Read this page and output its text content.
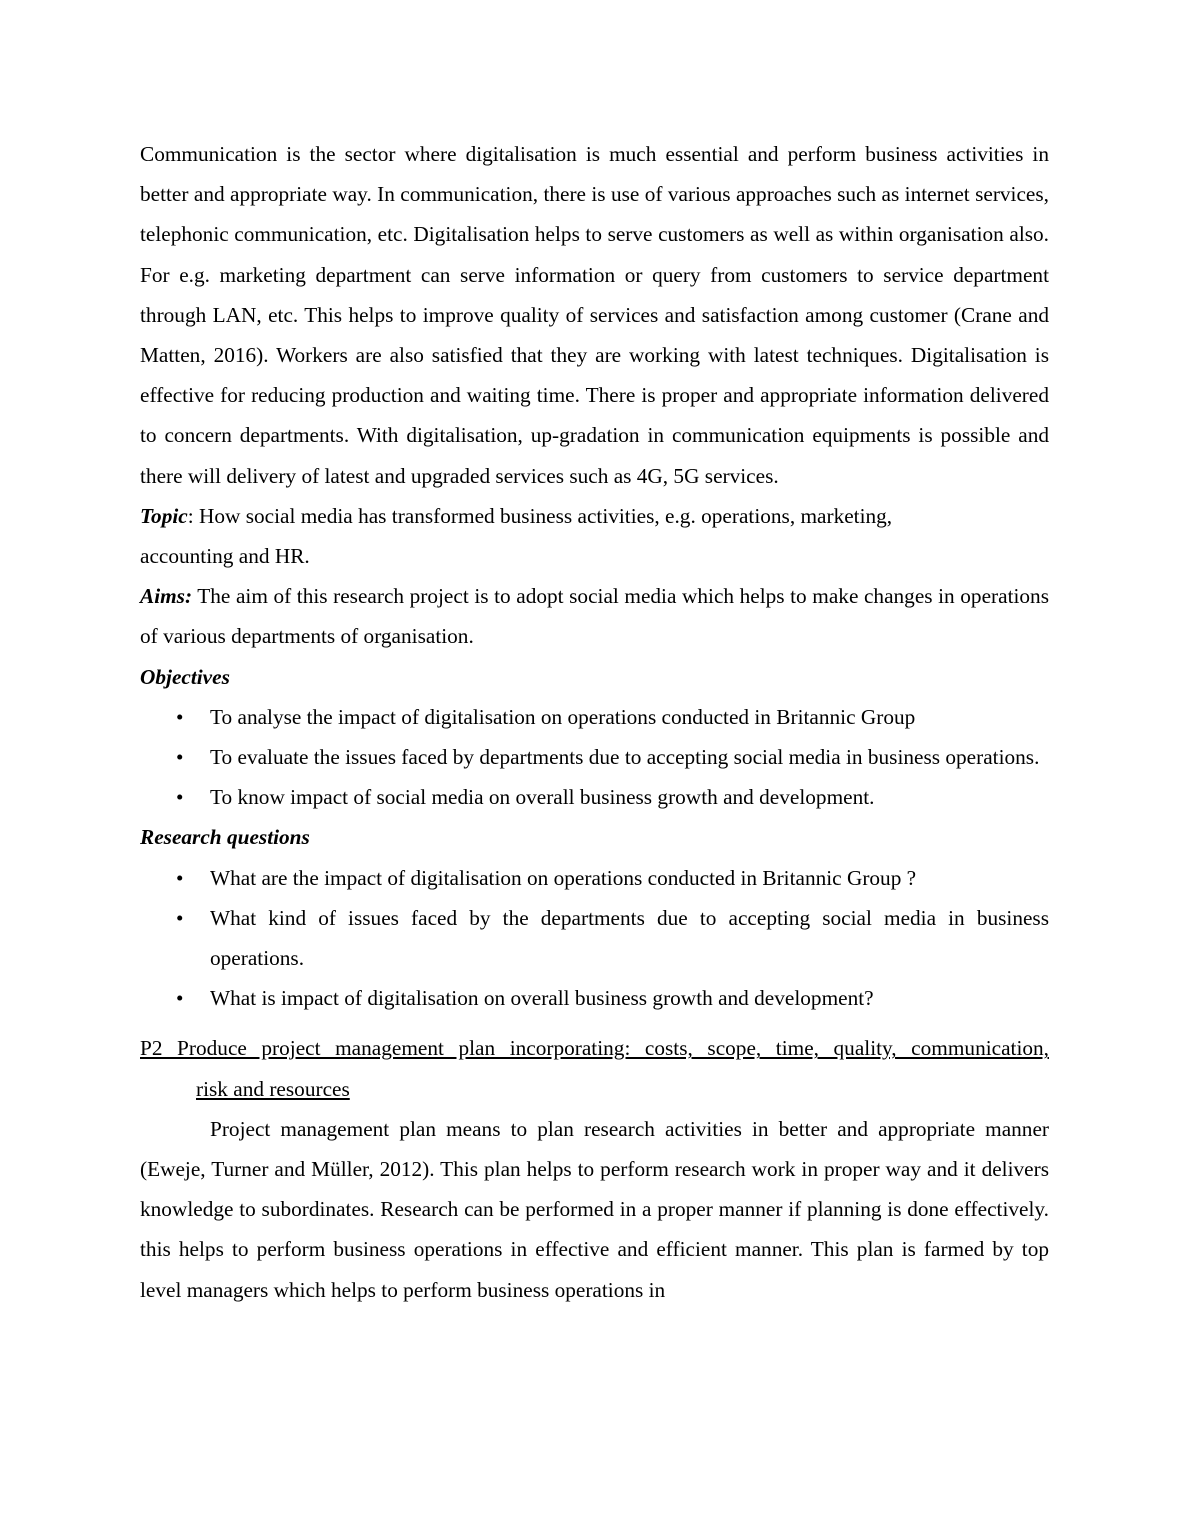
Communication is the sector where digitalisation is much essential and perform business activities in better and appropriate way. In communication, there is use of various approaches such as internet services, telephonic communication, etc. Digitalisation helps to serve customers as well as within organisation also. For e.g. marketing department can serve information or query from customers to service department through LAN, etc. This helps to improve quality of services and satisfaction among customer (Crane and Matten, 2016). Workers are also satisfied that they are working with latest techniques. Digitalisation is effective for reducing production and waiting time. There is proper and appropriate information delivered to concern departments. With digitalisation, up-gradation in communication equipments is possible and there will delivery of latest and upgraded services such as 4G, 5G services.

Topic: How social media has transformed business activities, e.g. operations, marketing,
accounting and HR.

Aims: The aim of this research project is to adopt social media which helps to make changes in operations of various departments of organisation.

Objectives

• To analyse the impact of digitalisation on operations conducted in Britannic Group
• To evaluate the issues faced by departments due to accepting social media in business operations.
• To know impact of social media on overall business growth and development.

Research questions

• What are the impact of digitalisation on operations conducted in Britannic Group ?
• What kind of issues faced by the departments due to accepting social media in business operations.
• What is impact of digitalisation on overall business growth and development?

P2 Produce project management plan incorporating: costs, scope, time, quality, communication,

risk and resources

Project management plan means to plan research activities in better and appropriate manner (Eweje, Turner and Müller, 2012). This plan helps to perform research work in proper way and it delivers knowledge to subordinates. Research can be performed in a proper manner if planning is done effectively. this helps to perform business operations in effective and efficient manner. This plan is farmed by top level managers which helps to perform business operations in
